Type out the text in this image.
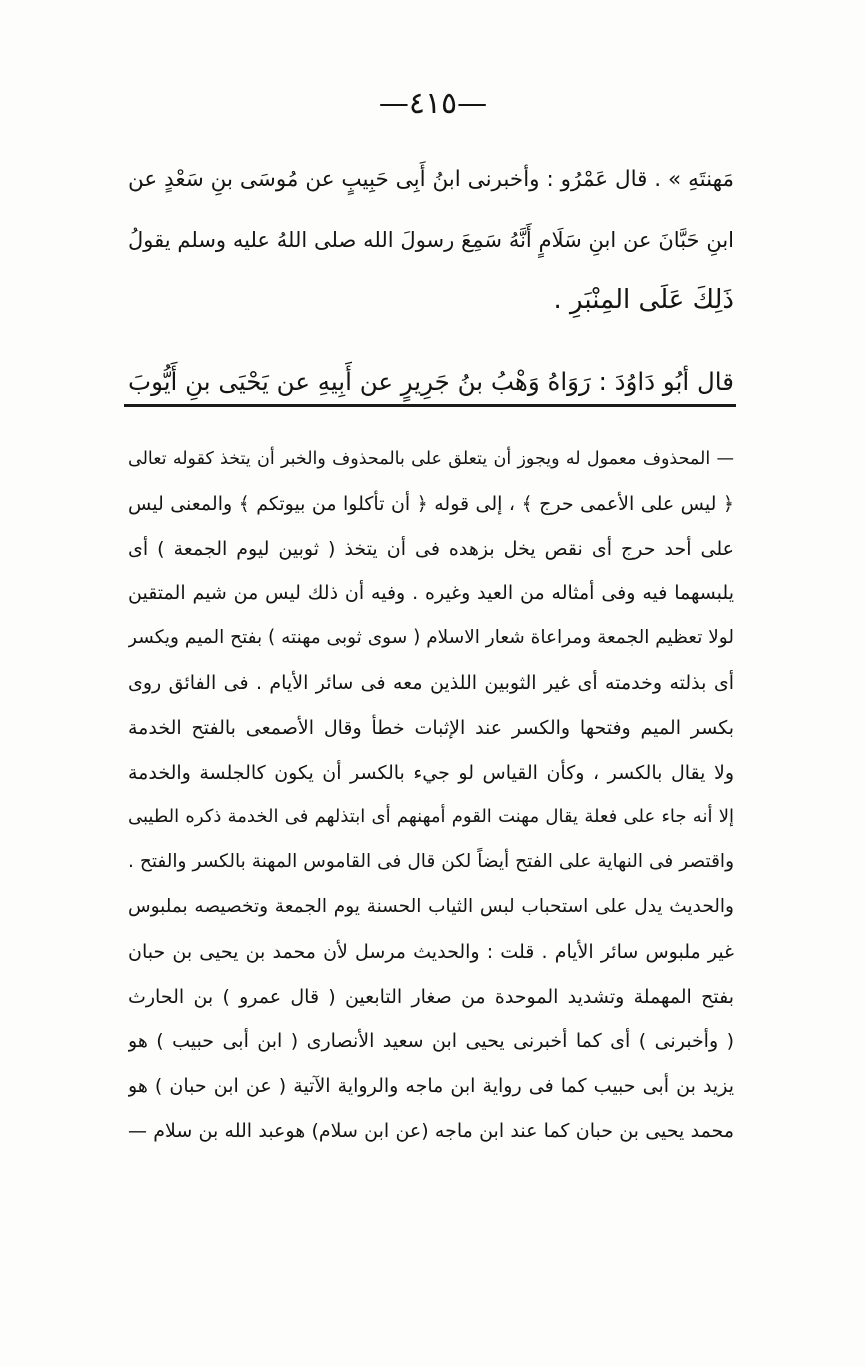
—٤١٥—
مَهنتَهِ » . قال عَمْرُو : وأخبرنى ابنُ أَبِى حَبِيبٍ عن مُوسَى بنِ سَعْدٍ عن
ابنِ حَبَّانَ عن ابنِ سَلَامٍ أَنَّهُ سَمِعَ رسولَ الله صلى اللهُ عليه وسلم يقولُ
ذَلِكَ عَلَى المِنْبَرِ .
قال أبُو دَاوُدَ : رَوَاهُ وَهْبُ بنُ جَرِيرٍ عن أَبِيهِ عن يَحْيَى بنِ أَيُّوبَ
— المحذوف معمول له ويجوز أن يتعلق على بالمحذوف والخبر أن يتخذ كقوله تعالى
﴿ ليس على الأعمى حرج ﴾ ، إلى قوله ﴿ أن تأكلوا من بيوتكم ﴾ والمعنى ليس
على أحد حرج أى نقص يخل بزهده فى أن يتخذ ( ثوبين ليوم الجمعة ) أى
يلبسهما فيه وفى أمثاله من العيد وغيره . وفيه أن ذلك ليس من شيم المتقين
لولا تعظيم الجمعة ومراعاة شعار الاسلام ( سوى ثوبى مهنته ) بفتح الميم ويكسر
أى بذلته وخدمته أى غير الثوبين اللذين معه فى سائر الأيام . فى الفائق روى
بكسر الميم وفتحها والكسر عند الإثبات خطأ وقال الأصمعى بالفتح الخدمة
ولا يقال بالكسر ، وكأن القياس لو جيء بالكسر أن يكون كالجلسة والخدمة
إلا أنه جاء على فعلة يقال مهنت القوم أمهنهم أى ابتذلهم فى الخدمة ذكره الطيبى
واقتصر فى النهاية على الفتح أيضاً لكن قال فى القاموس المهنة بالكسر والفتح .
والحديث يدل على استحباب لبس الثياب الحسنة يوم الجمعة وتخصيصه بملبوس
غير ملبوس سائر الأيام . قلت : والحديث مرسل لأن محمد بن يحيى بن حبان
بفتح المهملة وتشديد الموحدة من صغار التابعين ( قال عمرو ) بن الحارث
( وأخبرنى ) أى كما أخبرنى يحيى ابن سعيد الأنصارى ( ابن أبى حبيب ) هو
يزيد بن أبى حبيب كما فى رواية ابن ماجه والرواية الآتية ( عن ابن حبان ) هو
محمد يحيى بن حبان كما عند ابن ماجه (عن ابن سلام) هوعبد الله بن سلام —
